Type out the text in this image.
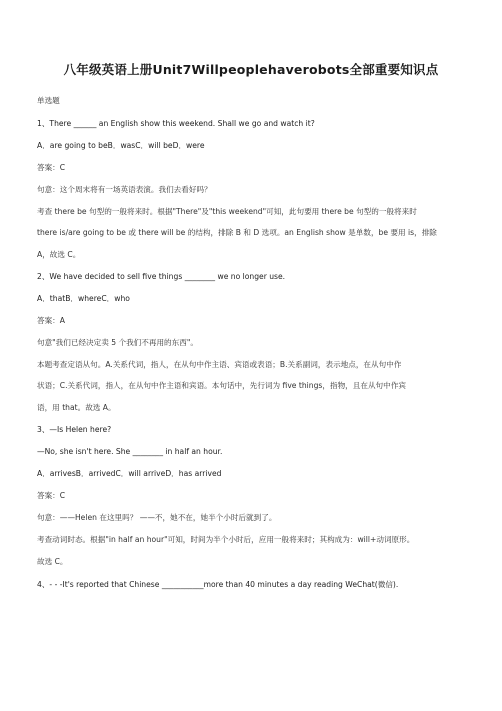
八年级英语上册Unit7Willpeoplehaverobots全部重要知识点
单选题
1、There ______ an English show this weekend. Shall we go and watch it?
A．are going to beB．wasC．will beD．were
答案：C
句意：这个周末将有一场英语表演。我们去看好吗？
考查 there be 句型的一般将来时。根据"There"及"this weekend"可知，此句要用 there be 句型的一般将来时
there is/are going to be 或 there will be 的结构，排除 B 和 D 选项。an English show 是单数，be 要用 is，排除
A，故选 C。
2、We have decided to sell five things ________ we no longer use.
A．thatB．whereC．who
答案：A
句意"我们已经决定卖 5 个我们不再用的东西"。
本题考查定语从句。A.关系代词，指人，在从句中作主语、宾语或表语；B.关系副词，表示地点，在从句中作
状语；C.关系代词，指人，在从句中作主语和宾语。本句话中，先行词为 five things，指物，且在从句中作宾
语，用 that。故选 A。
3、—Is Helen here?
—No, she isn't here. She ________ in half an hour.
A．arrivesB．arrivedC．will arriveD．has arrived
答案：C
句意：——Helen 在这里吗？ ——不，她不在，她半个小时后就到了。
考查动词时态。根据"in half an hour"可知，时间为半个小时后，应用一般将来时；其构成为：will+动词原形。
故选 C。
4、- - -It's reported that Chinese ___________more than 40 minutes a day reading WeChat(微信).
